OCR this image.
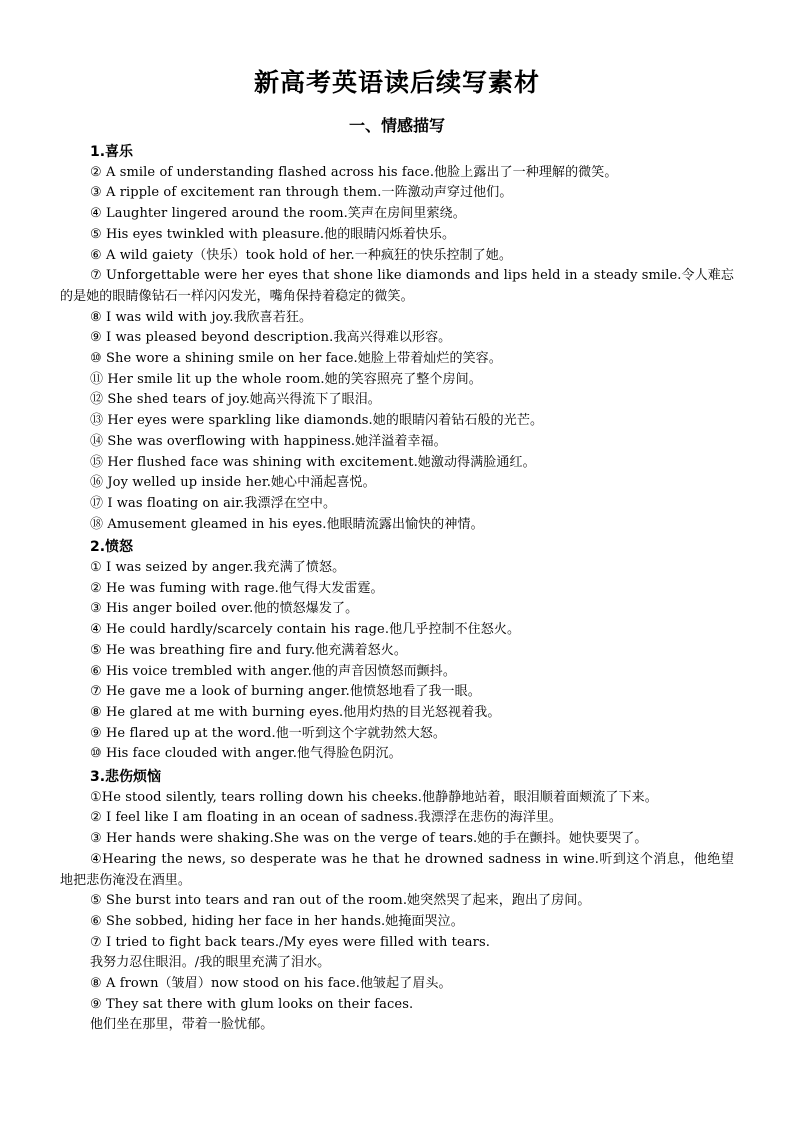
新高考英语读后续写素材
一、情感描写
1.喜乐
② A smile of understanding flashed across his face.他脸上露出了一种理解的微笑。
③ A ripple of excitement ran through them.一阵激动声穿过他们。
④ Laughter lingered around the room.笑声在房间里萦绕。
⑤ His eyes twinkled with pleasure.他的眼睛闪烁着快乐。
⑥ A wild gaiety（快乐）took hold of her.一种疯狂的快乐控制了她。
⑦ Unforgettable were her eyes that shone like diamonds and lips held in a steady smile.令人难忘的是她的眼睛像钻石一样闪闪发光，嘴角保持着稳定的微笑。
⑧ I was wild with joy.我欣喜若狂。
⑨ I was pleased beyond description.我高兴得难以形容。
⑩ She wore a shining smile on her face.她脸上带着灿烂的笑容。
⑪ Her smile lit up the whole room.她的笑容照亮了整个房间。
⑫ She shed tears of joy.她高兴得流下了眼泪。
⑬ Her eyes were sparkling like diamonds.她的眼睛闪着钻石般的光芒。
⑭ She was overflowing with happiness.她洋溢着幸福。
⑮ Her flushed face was shining with excitement.她激动得满脸通红。
⑯ Joy welled up inside her.她心中涌起喜悦。
⑰ I was floating on air.我漂浮在空中。
⑱ Amusement gleamed in his eyes.他眼睛流露出愉快的神情。
2.愤怒
① I was seized by anger.我充满了愤怒。
② He was fuming with rage.他气得大发雷霆。
③ His anger boiled over.他的愤怒爆发了。
④ He could hardly/scarcely contain his rage.他几乎控制不住怒火。
⑤ He was breathing fire and fury.他充满着怒火。
⑥ His voice trembled with anger.他的声音因愤怒而颤抖。
⑦ He gave me a look of burning anger.他愤怒地看了我一眼。
⑧ He glared at me with burning eyes.他用灼热的目光怒视着我。
⑨ He flared up at the word.他一听到这个字就勃然大怒。
⑩ His face clouded with anger.他气得脸色阴沉。
3.悲伤烦恼
①He stood silently, tears rolling down his cheeks.他静静地站着，眼泪顺着面颊流了下来。
② I feel like I am floating in an ocean of sadness.我漂浮在悲伤的海洋里。
③ Her hands were shaking.She was on the verge of tears.她的手在颤抖。她快要哭了。
④Hearing the news, so desperate was he that he drowned sadness in wine.听到这个消息，他绝望地把悲伤淹没在酒里。
⑤ She burst into tears and ran out of the room.她突然哭了起来，跑出了房间。
⑥ She sobbed, hiding her face in her hands.她掩面哭泣。
⑦ I tried to fight back tears./My eyes were filled with tears.
我努力忍住眼泪。/我的眼里充满了泪水。
⑧ A frown（皱眉）now stood on his face.他皱起了眉头。
⑨ They sat there with glum looks on their faces.
他们坐在那里，带着一脸忧郁。
